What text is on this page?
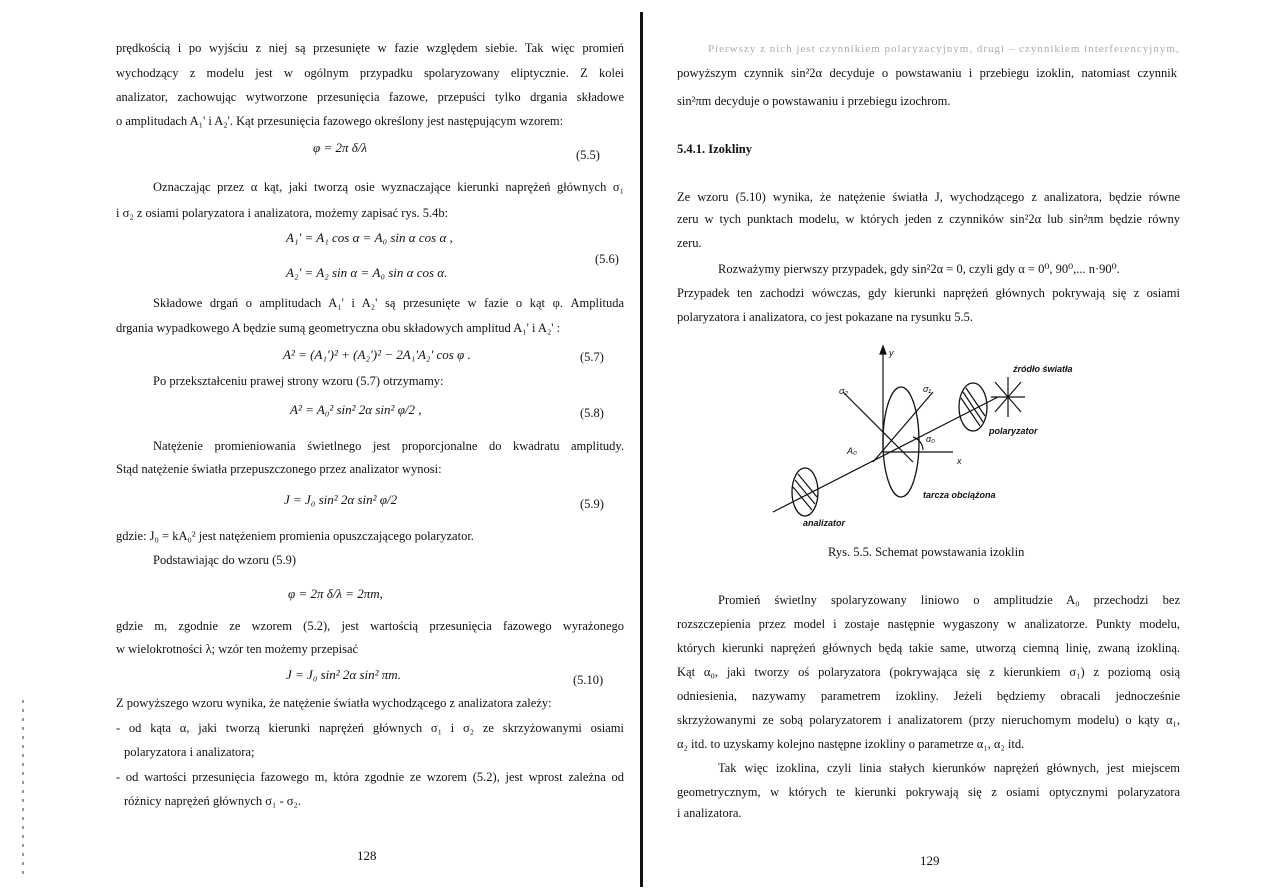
prędkością i po wyjściu z niej są przesunięte w fazie względem siebie. Tak więc promień
wychodzący z modelu jest w ogólnym przypadku spolaryzowany eliptycznie. Z kolei
analizator, zachowując wytworzone przesunięcia fazowe, przepuści tylko drgania składowe
o amplitudach A₁' i A₂'. Kąt przesunięcia fazowego określony jest następującym wzorem:
φ = 2π δ/λ	(5.5)
Oznaczając przez α kąt, jaki tworzą osie wyznaczające kierunki naprężeń głównych σ₁
i σ₂ z osiami polaryzatora i analizatora, możemy zapisać rys. 5.4b:
A₁' = A₁ cos α = A₀ sin α cos α ,
(5.6)
A₂' = A₂ sin α = A₀ sin α cos α.
Składowe drgań o amplitudach A₁' i A₂' są przesunięte w fazie o kąt φ. Amplituda
drgania wypadkowego A będzie sumą geometryczna obu składowych amplitud A₁' i A₂' :
A² = (A₁')² + (A₂')² − 2A₁'A₂' cos φ .	(5.7)
Po przekształceniu prawej strony wzoru (5.7) otrzymamy:
A² = A₀² sin² 2α sin² φ/2 ,	(5.8)
Natężenie promieniowania świetlnego jest proporcjonalne do kwadratu amplitudy.
Stąd natężenie światła przepuszczonego przez analizator wynosi:
J = J₀ sin² 2α sin² φ/2	(5.9)
gdzie: J₀ = kA₀² jest natężeniem promienia opuszczającego polaryzator.
Podstawiając do wzoru (5.9)
φ = 2π δ/λ = 2πm,
gdzie m, zgodnie ze wzorem (5.2), jest wartością przesunięcia fazowego wyrażonego
w wielokrotności λ; wzór ten możemy przepisać
J = J₀ sin² 2α sin² πm.	(5.10)
Z powyższego wzoru wynika, że natężenie światła wychodzącego z analizatora zależy:
- od kąta α, jaki tworzą kierunki naprężeń głównych σ₁ i σ₂ ze skrzyżowanymi osiami
polaryzatora i analizatora;
- od wartości przesunięcia fazowego m, która zgodnie ze wzorem (5.2), jest wprost zależna od
różnicy naprężeń głównych σ₁ - σ₂.
128
Pierwszy z nich jest czynnikiem polaryzacyjnym, drugi – czynnikiem interferencyjnym,
powyższym czynnik sin²2α decyduje o powstawaniu i przebiegu izoklin, natomiast czynnik
sin²πm decyduje o powstawaniu i przebiegu izochrom.
5.4.1. Izokliny
Ze wzoru (5.10) wynika, że natężenie światła J, wychodzącego z analizatora, będzie równe
zeru w tych punktach modelu, w których jeden z czynników sin²2α lub sin²πm będzie równy
zeru.
Rozważymy pierwszy przypadek, gdy sin²2α = 0, czyli gdy α = 0⁰, 90⁰,... n·90⁰.
Przypadek ten zachodzi wówczas, gdy kierunki naprężeń głównych pokrywają się z osiami
polaryzatora i analizatora, co jest pokazane na rysunku 5.5.
y
x
źródło światła
polaryzator
analizator
tarcza obciążona
σ₁
σ₂
A₀
α₀
Rys. 5.5. Schemat powstawania izoklin
Promień świetlny spolaryzowany liniowo o amplitudzie A₀ przechodzi bez
rozszczepienia przez model i zostaje następnie wygaszony w analizatorze. Punkty modelu,
których kierunki naprężeń głównych będą takie same, utworzą ciemną linię, zwaną izokliną.
Kąt α₀, jaki tworzy oś polaryzatora (pokrywająca się z kierunkiem σ₁) z poziomą osią
odniesienia, nazywamy parametrem izokliny. Jeżeli będziemy obracali jednocześnie
skrzyżowanymi ze sobą polaryzatorem i analizatorem (przy nieruchomym modelu) o kąty α₁,
α₂ itd. to uzyskamy kolejno następne izokliny o parametrze α₁, α₂ itd.
Tak więc izoklina, czyli linia stałych kierunków naprężeń głównych, jest miejscem
geometrycznym, w których te kierunki pokrywają się z osiami optycznymi polaryzatora
i analizatora.
129
